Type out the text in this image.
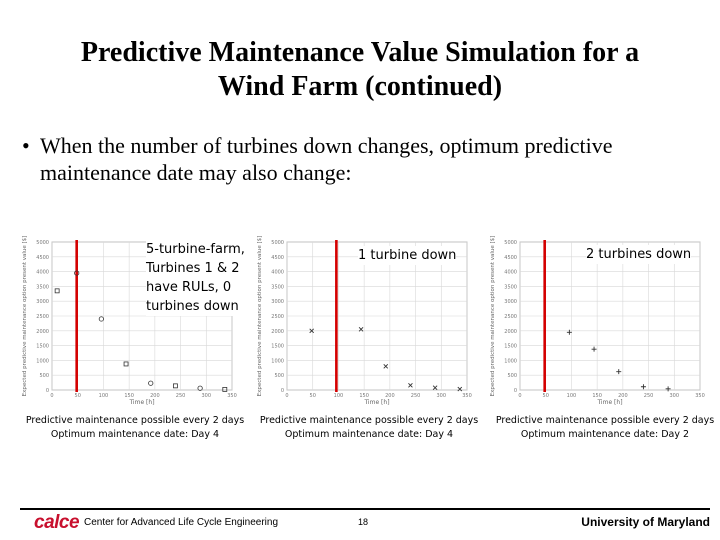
Predictive Maintenance Value Simulation for a
Wind Farm (continued)
• When the number of turbines down changes, optimum predictive
maintenance date may also change:
0
500
1000
1500
2000
2500
3000
3500
4000
4500
5000
0	50	100	150	200	250	300	350
Time [h]
Expected predictive maintenance option present value [$]	5-turbine-farm,
Turbines 1 & 2
have RULs, 0
turbines down
0
500
1000
1500
2000
2500
3000
3500
4000
4500
5000
0	50	100	150	200	250	300	350
Time [h]
Expected predictive maintenance option present value [$]	1 turbine down
0
500
1000
1500
2000
2500
3000
3500
4000
4500
5000
0	50	100	150	200	250	300	350
Time [h]
Expected predictive maintenance option present value [$]	2 turbines down
Predictive maintenance possible every 2 days
Optimum maintenance date: Day 4
Predictive maintenance possible every 2 days
Optimum maintenance date: Day 4
Predictive maintenance possible every 2 days
Optimum maintenance date: Day 2
calce Center for Advanced Life Cycle Engineering	18	University of Maryland
